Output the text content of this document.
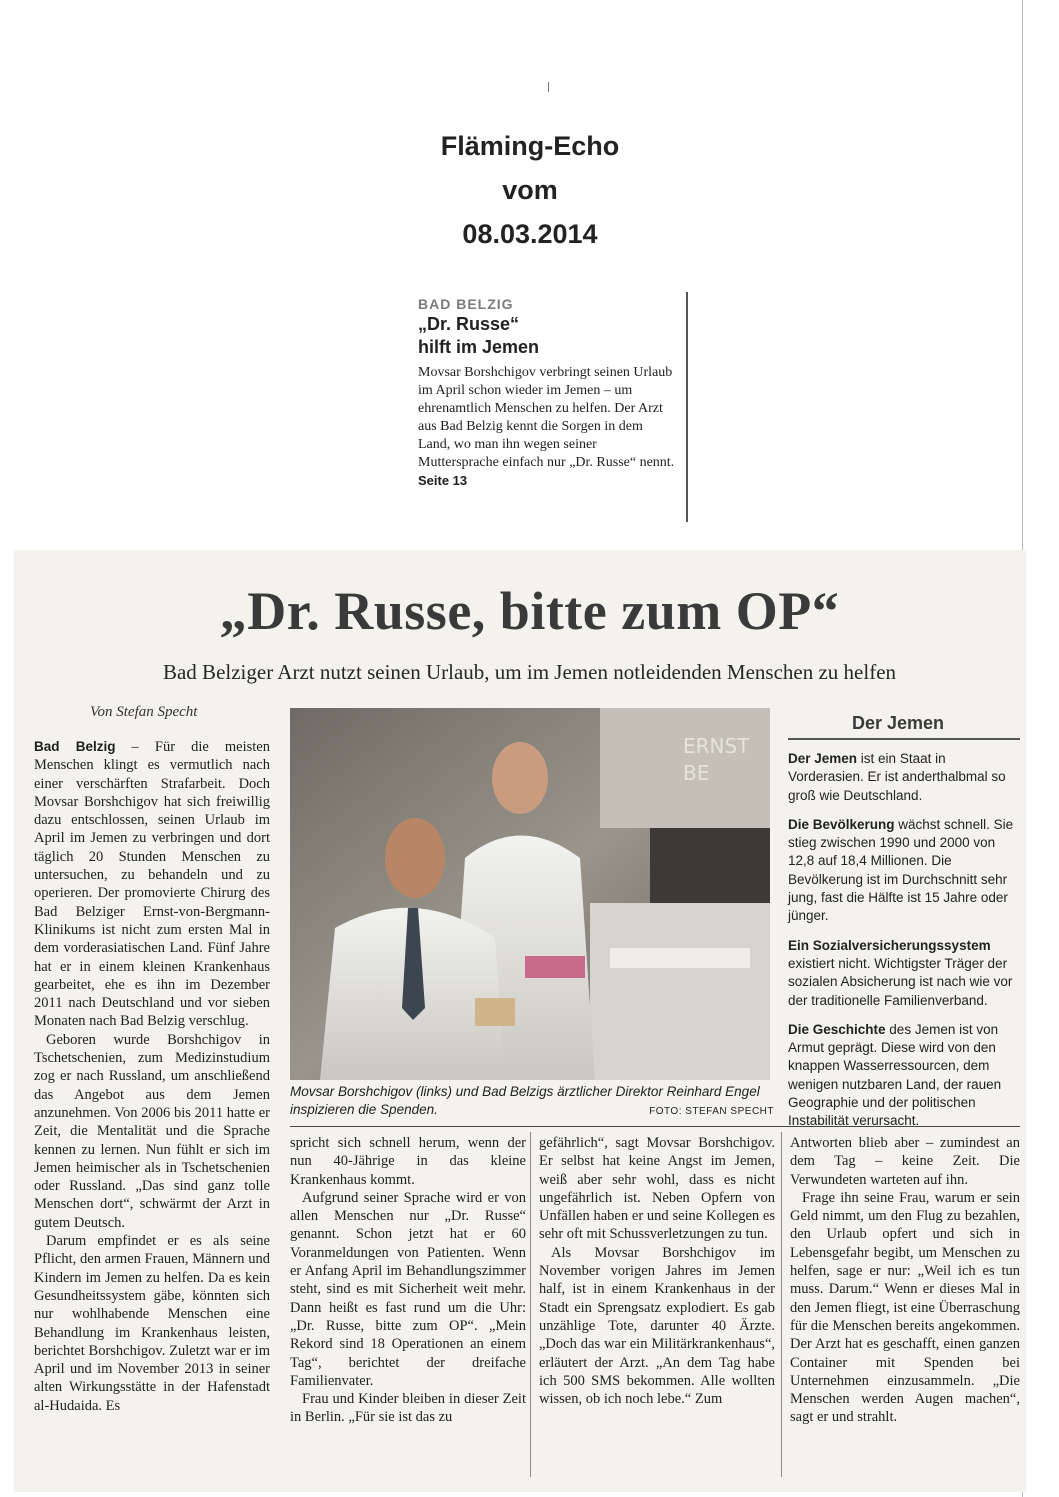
Fläming-Echo
vom
08.03.2014
BAD BELZIG
„Dr. Russe“
hilft im Jemen
Movsar Borshchigov verbringt seinen Urlaub im April schon wieder im Jemen – um ehrenamtlich Menschen zu helfen. Der Arzt aus Bad Belzig kennt die Sorgen in dem Land, wo man ihn wegen seiner Muttersprache einfach nur „Dr. Russe“ nennt. Seite 13
„Dr. Russe, bitte zum OP“
Bad Belziger Arzt nutzt seinen Urlaub, um im Jemen notleidenden Menschen zu helfen
Von Stefan Specht

Bad Belzig – Für die meisten Menschen klingt es vermutlich nach einer verschärften Strafarbeit. Doch Movsar Borshchigov hat sich freiwillig dazu entschlossen, seinen Urlaub im April im Jemen zu verbringen und dort täglich 20 Stunden Menschen zu untersuchen, zu behandeln und zu operieren. Der promovierte Chirurg des Bad Belziger Ernst-von-Bergmann-Klinikums ist nicht zum ersten Mal in dem vorderasiatischen Land. Fünf Jahre hat er in einem kleinen Krankenhaus gearbeitet, ehe es ihn im Dezember 2011 nach Deutschland und vor sieben Monaten nach Bad Belzig verschlug.

Geboren wurde Borshchigov in Tschetschenien, zum Medizinstudium zog er nach Russland, um anschließend das Angebot aus dem Jemen anzunehmen. Von 2006 bis 2011 hatte er Zeit, die Mentalität und die Sprache kennen zu lernen. Nun fühlt er sich im Jemen heimischer als in Tschetschenien oder Russland. „Das sind ganz tolle Menschen dort“, schwärmt der Arzt in gutem Deutsch.

Darum empfindet er es als seine Pflicht, den armen Frauen, Männern und Kindern im Jemen zu helfen. Da es kein Gesundheitssystem gäbe, könnten sich nur wohlhabende Menschen eine Behandlung im Krankenhaus leisten, berichtet Borshchigov. Zuletzt war er im April und im November 2013 in seiner alten Wirkungsstätte in der Hafenstadt al-Hudaida. Es

ERNST
BE
Movsar Borshchigov (links) und Bad Belzigs ärztlicher Direktor Reinhard Engel inspizieren die Spenden.	FOTO: STEFAN SPECHT
Der Jemen

Der Jemen ist ein Staat in Vorderasien. Er ist anderthalbmal so groß wie Deutschland.

Die Bevölkerung wächst schnell. Sie stieg zwischen 1990 und 2000 von 12,8 auf 18,4 Millionen. Die Bevölkerung ist im Durchschnitt sehr jung, fast die Hälfte ist 15 Jahre oder jünger.

Ein Sozialversicherungssystem existiert nicht. Wichtigster Träger der sozialen Absicherung ist nach wie vor der traditionelle Familienverband.

Die Geschichte des Jemen ist von Armut geprägt. Diese wird von den knappen Wasserressourcen, dem wenigen nutzbaren Land, der rauen Geographie und der politischen Instabilität verursacht.

spricht sich schnell herum, wenn der nun 40-Jährige in das kleine Krankenhaus kommt.

Aufgrund seiner Sprache wird er von allen Menschen nur „Dr. Russe“ genannt. Schon jetzt hat er 60 Voranmeldungen von Patienten. Wenn er Anfang April im Behandlungszimmer steht, sind es mit Sicherheit weit mehr. Dann heißt es fast rund um die Uhr: „Dr. Russe, bitte zum OP“. „Mein Rekord sind 18 Operationen an einem Tag“, berichtet der dreifache Familienvater.

Frau und Kinder bleiben in dieser Zeit in Berlin. „Für sie ist das zu

gefährlich“, sagt Movsar Borshchigov. Er selbst hat keine Angst im Jemen, weiß aber sehr wohl, dass es nicht ungefährlich ist. Neben Opfern von Unfällen haben er und seine Kollegen es sehr oft mit Schussverletzungen zu tun.

Als Movsar Borshchigov im November vorigen Jahres im Jemen half, ist in einem Krankenhaus in der Stadt ein Sprengsatz explodiert. Es gab unzählige Tote, darunter 40 Ärzte. „Doch das war ein Militärkrankenhaus“, erläutert der Arzt. „An dem Tag habe ich 500 SMS bekommen. Alle wollten wissen, ob ich noch lebe.“ Zum

Antworten blieb aber – zumindest an dem Tag – keine Zeit. Die Verwundeten warteten auf ihn.

Frage ihn seine Frau, warum er sein Geld nimmt, um den Flug zu bezahlen, den Urlaub opfert und sich in Lebensgefahr begibt, um Menschen zu helfen, sage er nur: „Weil ich es tun muss. Darum.“ Wenn er dieses Mal in den Jemen fliegt, ist eine Überraschung für die Menschen bereits angekommen. Der Arzt hat es geschafft, einen ganzen Container mit Spenden bei Unternehmen einzusammeln. „Die Menschen werden Augen machen“, sagt er und strahlt.
